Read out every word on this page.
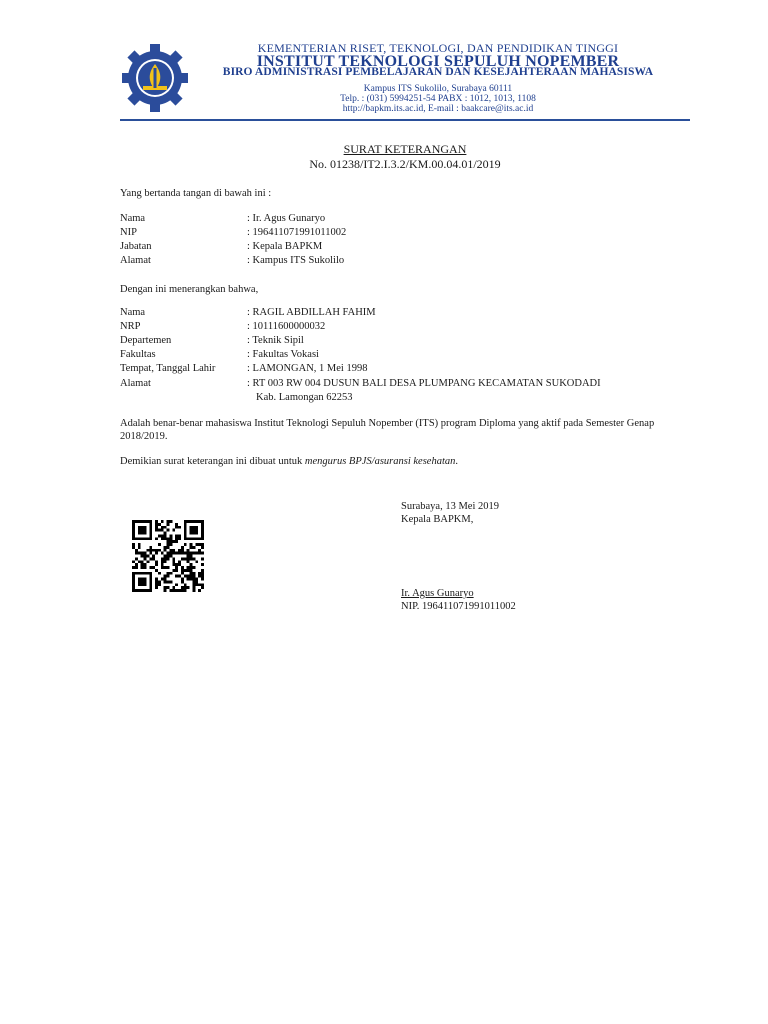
KEMENTERIAN RISET, TEKNOLOGI, DAN PENDIDIKAN TINGGI
INSTITUT TEKNOLOGI SEPULUH NOPEMBER
BIRO ADMINISTRASI PEMBELAJARAN DAN KESEJAHTERAAN MAHASISWA
Kampus ITS Sukolilo, Surabaya 60111
Telp. : (031) 5994251-54 PABX : 1012, 1013, 1108
http://bapkm.its.ac.id, E-mail : baakcare@its.ac.id
SURAT KETERANGAN
No. 01238/IT2.I.3.2/KM.00.04.01/2019
Yang bertanda tangan di bawah ini :
Nama	: Ir. Agus Gunaryo
NIP	: 196411071991011002
Jabatan	: Kepala BAPKM
Alamat	: Kampus ITS Sukolilo
Dengan ini menerangkan bahwa,
Nama	: RAGIL ABDILLAH FAHIM
NRP	: 10111600000032
Departemen	: Teknik Sipil
Fakultas	: Fakultas Vokasi
Tempat, Tanggal Lahir	: LAMONGAN, 1 Mei 1998
Alamat	: RT 003 RW 004 DUSUN BALI DESA PLUMPANG KECAMATAN SUKODADI
Kab. Lamongan 62253
Adalah benar-benar mahasiswa Institut Teknologi Sepuluh Nopember (ITS) program Diploma yang aktif pada Semester Genap 2018/2019.
Demikian surat keterangan ini dibuat untuk mengurus BPJS/asuransi kesehatan.
Surabaya, 13 Mei 2019
Kepala BAPKM,
Ir. Agus Gunaryo
NIP. 196411071991011002
